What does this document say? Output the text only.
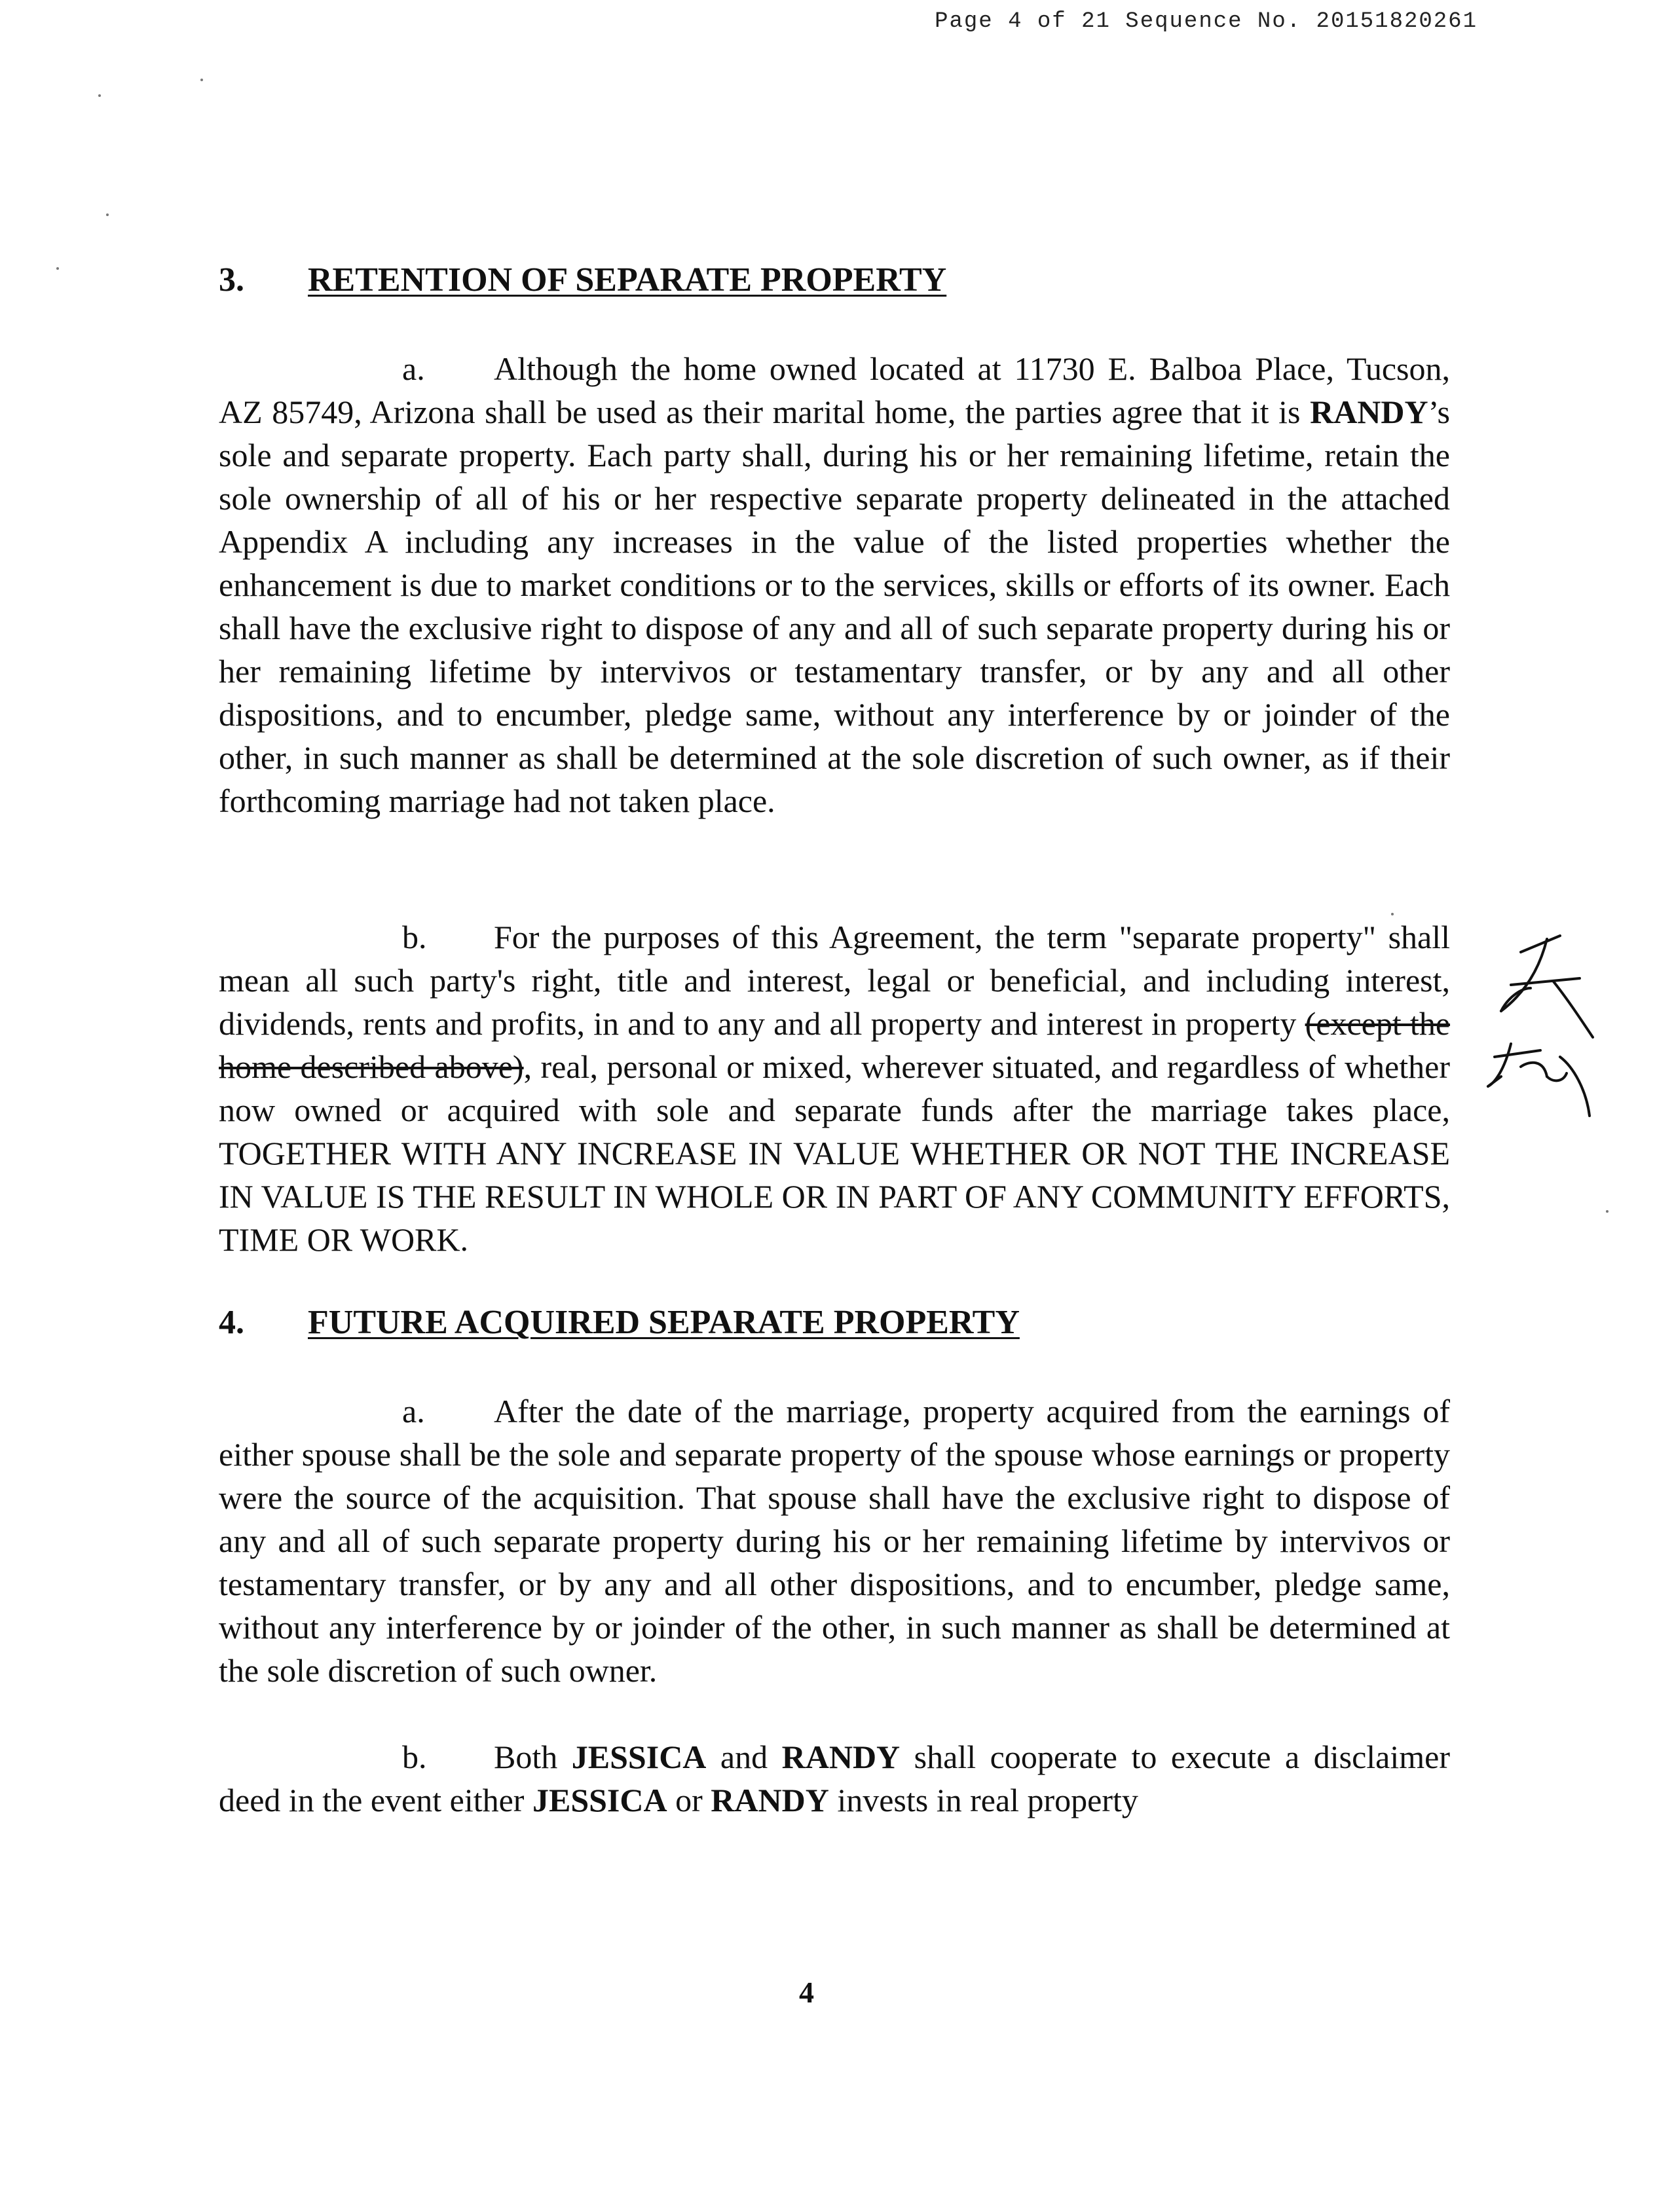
Page 4 of 21 Sequence No. 20151820261
3. RETENTION OF SEPARATE PROPERTY

a. Although the home owned located at 11730 E. Balboa Place, Tucson, AZ 85749, Arizona shall be used as their marital home, the parties agree that it is RANDY’s sole and separate property. Each party shall, during his or her remaining lifetime, retain the sole ownership of all of his or her respective separate property delineated in the attached Appendix A including any increases in the value of the listed properties whether the enhancement is due to market conditions or to the services, skills or efforts of its owner. Each shall have the exclusive right to dispose of any and all of such separate property during his or her remaining lifetime by intervivos or testamentary transfer, or by any and all other dispositions, and to encumber, pledge same, without any interference by or joinder of the other, in such manner as shall be determined at the sole discretion of such owner, as if their forthcoming marriage had not taken place.

b. For the purposes of this Agreement, the term "separate property" shall mean all such party's right, title and interest, legal or beneficial, and including interest, dividends, rents and profits, in and to any and all property and interest in property (except the home described above), real, personal or mixed, wherever situated, and regardless of whether now owned or acquired with sole and separate funds after the marriage takes place, TOGETHER WITH ANY INCREASE IN VALUE WHETHER OR NOT THE INCREASE IN VALUE IS THE RESULT IN WHOLE OR IN PART OF ANY COMMUNITY EFFORTS, TIME OR WORK.

4. FUTURE ACQUIRED SEPARATE PROPERTY

a. After the date of the marriage, property acquired from the earnings of either spouse shall be the sole and separate property of the spouse whose earnings or property were the source of the acquisition. That spouse shall have the exclusive right to dispose of any and all of such separate property during his or her remaining lifetime by intervivos or testamentary transfer, or by any and all other dispositions, and to encumber, pledge same, without any interference by or joinder of the other, in such manner as shall be determined at the sole discretion of such owner.

b. Both JESSICA and RANDY shall cooperate to execute a disclaimer deed in the event either JESSICA or RANDY invests in real property

4
